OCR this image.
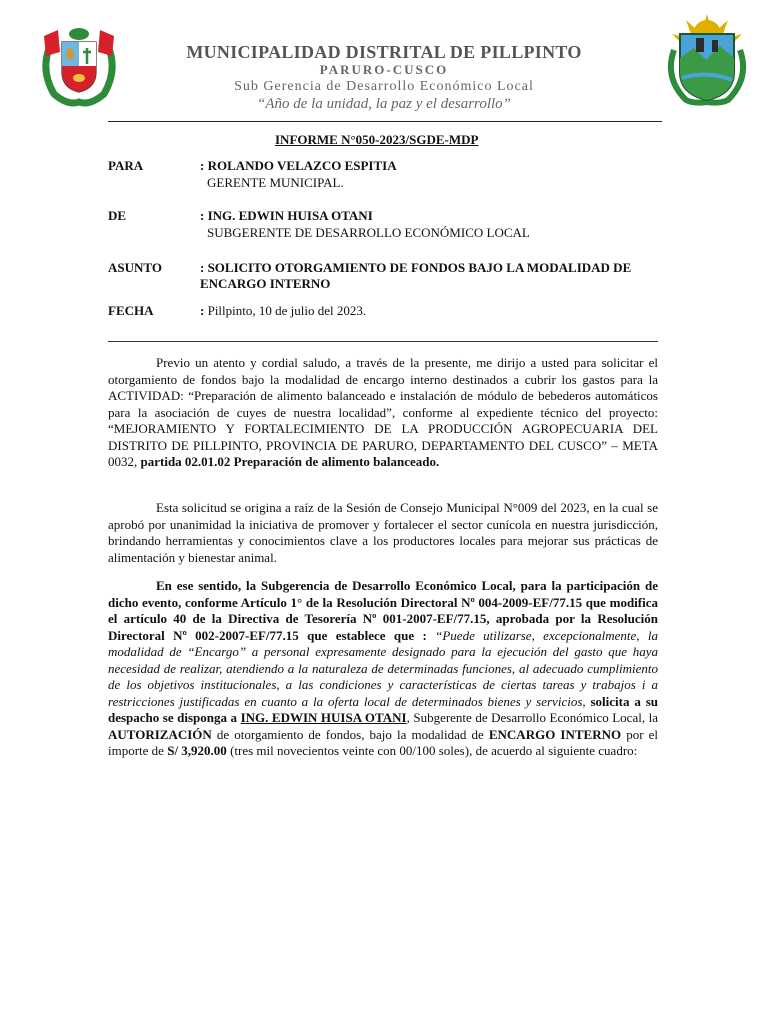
MUNICIPALIDAD DISTRITAL DE PILLPINTO
PARURO-CUSCO
Sub Gerencia de Desarrollo Económico Local
“Año de la unidad, la paz y el desarrollo”
INFORME N°050-2023/SGDE-MDP
PARA	: ROLANDO VELAZCO ESPITIA
GERENTE MUNICIPAL.
DE	: ING. EDWIN HUISA OTANI
SUBGERENTE DE DESARROLLO ECONÓMICO LOCAL
ASUNTO	: SOLICITO OTORGAMIENTO DE FONDOS BAJO LA MODALIDAD DE
ENCARGO INTERNO
FECHA	: Pillpinto, 10 de julio del 2023.
Previo un atento y cordial saludo, a través de la presente, me dirijo a usted para solicitar el otorgamiento de fondos bajo la modalidad de encargo interno destinados a cubrir los gastos para la ACTIVIDAD: “Preparación de alimento balanceado e instalación de módulo de bebederos automáticos para la asociación de cuyes de nuestra localidad”, conforme al expediente técnico del proyecto: “MEJORAMIENTO Y FORTALECIMIENTO DE LA PRODUCCIÓN AGROPECUARIA DEL DISTRITO DE PILLPINTO, PROVINCIA DE PARURO, DEPARTAMENTO DEL CUSCO” – META 0032, partida 02.01.02 Preparación de alimento balanceado.
Esta solicitud se origina a raíz de la Sesión de Consejo Municipal N°009 del 2023, en la cual se aprobó por unanimidad la iniciativa de promover y fortalecer el sector cunícola en nuestra jurisdicción, brindando herramientas y conocimientos clave a los productores locales para mejorar sus prácticas de alimentación y bienestar animal.
En ese sentido, la Subgerencia de Desarrollo Económico Local, para la participación de dicho evento, conforme Artículo 1° de la Resolución Directoral Nº 004-2009-EF/77.15 que modifica el artículo 40 de la Directiva de Tesorería Nº 001-2007-EF/77.15, aprobada por la Resolución Directoral Nº 002-2007-EF/77.15 que establece que : “Puede utilizarse, excepcionalmente, la modalidad de “Encargo” a personal expresamente designado para la ejecución del gasto que haya necesidad de realizar, atendiendo a la naturaleza de determinadas funciones, al adecuado cumplimiento de los objetivos institucionales, a las condiciones y características de ciertas tareas y trabajos i a restricciones justificadas en cuanto a la oferta local de determinados bienes y servicios, solicita a su despacho se disponga a ING. EDWIN HUISA OTANI, Subgerente de Desarrollo Económico Local, la AUTORIZACIÓN de otorgamiento de fondos, bajo la modalidad de ENCARGO INTERNO por el importe de S/ 3,920.00 (tres mil novecientos veinte con 00/100 soles), de acuerdo al siguiente cuadro:
